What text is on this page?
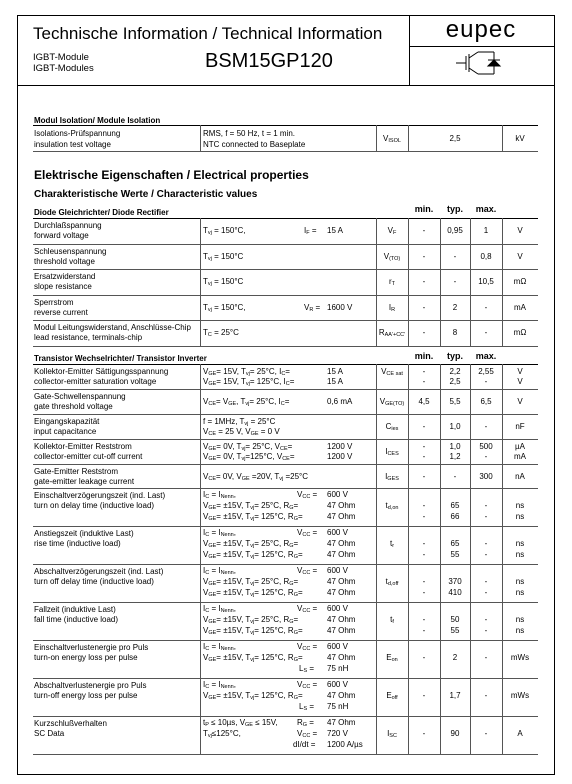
Technische Information / Technical Information
IGBT-Module
IGBT-Modules	BSM15GP120
eupec
Modul Isolation/ Module Isolation
Isolations-Prüfspannung
insulation test voltage
RMS, f = 50 Hz, t = 1 min.
NTC connected to Baseplate
$V_{ISOL}$	2,5	kV
Elektrische Eigenschaften / Electrical properties
Charakteristische Werte / Characteristic values
Diode Gleichrichter/ Diode Rectifier	min.	typ.	max.
Durchlaßspannung
forward voltage
$T_{vj} = 150^\circ C$,	$I_F = 15$ A	$V_F$	-	0,95	1	V
Schleusenspannung
threshold voltage
$T_{vj} = 150^\circ C$	$V_{(TO)}$	-	-	0,8	V
Ersatzwiderstand
slope resistance
$T_{vj} = 150^\circ C$	$r_T$	-	-	10,5	mΩ
Sperrstrom
reverse current
$T_{vj} = 150^\circ C$,	$V_R = 1600$ V	$I_R$	-	2	-	mA
Modul Leitungswiderstand, Anschlüsse-Chip
lead resistance, terminals-chip
$T_C = 25^\circ C$	$R_{AA'+CC'}$	-	8	-	mΩ
Transistor Wechselrichter/ Transistor Inverter	min.	typ.	max.
Kollektor-Emitter Sättigungsspannung
collector-emitter saturation voltage
$V_{GE}= 15V$, $T_{vj}= 25^\circ C$, $I_C=$	15 A
$V_{GE}= 15V$, $T_{vj}= 125^\circ C$, $I_C=$	15 A
$V_{CE sat}$	-	2,2	2,55	V
-	2,5	-	V
Gate-Schwellenspannung
gate threshold voltage
$V_{CE}= V_{GE}$, $T_{vj}= 25^\circ C$, $I_C=$	0,6 mA	$V_{GE(TO)}$	4,5	5,5	6,5	V
Eingangskapazität
input capacitance
f = 1MHz, $T_{vj} = 25^\circ C$
$V_{CE} = 25$ V, $V_{GE} = 0$ V
$C_{ies}$	-	1,0	-	nF
Kollektor-Emitter Reststrom
collector-emitter cut-off current
$V_{GE}= 0V$, $T_{vj}= 25^\circ C$, $V_{CE}=$	1200 V
$V_{GE}= 0V$, $T_{vj}=125^\circ C$, $V_{CE}=$	1200 V
$I_{CES}$
-	1,0	500	µA
-	1,2	-	mA
Gate-Emitter Reststrom
gate-emitter leakage current
$V_{CE}= 0V$, $V_{GE} =20V$, $T_{vj} =25^\circ C$	$I_{GES}$	-	-	300	nA
Einschaltverzögerungszeit (ind. Last)
turn on delay time (inductive load)
$I_C = I_{Nenn}$,	$V_{CC} = 600$ V
$V_{GE}= \pm 15V$, $T_{vj}= 25^\circ C$, $R_G=$	47 Ohm
$V_{GE}= \pm 15V$, $T_{vj}= 125^\circ C$, $R_G=$	47 Ohm
$t_{d,on}$	-	65	-	ns
-	66	-	ns
Anstiegszeit (induktive Last)
rise time (inductive load)
$I_C = I_{Nenn}$,	$V_{CC} = 600$ V
$V_{GE}= \pm 15V$, $T_{vj}= 25^\circ C$, $R_G=$	47 Ohm
$V_{GE}= \pm 15V$, $T_{vj}= 125^\circ C$, $R_G=$	47 Ohm
$t_r$	-	65	-	ns
-	55	-	ns
Abschaltverzögerungszeit (ind. Last)
turn off delay time (inductive load)
$I_C = I_{Nenn}$,	$V_{CC} = 600$ V
$V_{GE}= \pm 15V$, $T_{vj}= 25^\circ C$, $R_G=$	47 Ohm
$V_{GE}= \pm 15V$, $T_{vj}= 125^\circ C$, $R_G=$	47 Ohm
$t_{d,off}$	-	370	-	ns
-	410	-	ns
Fallzeit (induktive Last)
fall time (inductive load)
$I_C = I_{Nenn}$,	$V_{CC} = 600$ V
$V_{GE}= \pm 15V$, $T_{vj}= 25^\circ C$, $R_G=$	47 Ohm
$V_{GE}= \pm 15V$, $T_{vj}= 125^\circ C$, $R_G=$	47 Ohm
$t_f$	-	50	-	ns
-	55	-	ns
Einschaltverlustenergie pro Puls
turn-on energy loss per pulse
$I_C = I_{Nenn}$,	$V_{CC} = 600$ V
$V_{GE}= \pm 15V$, $T_{vj}= 125^\circ C$, $R_G=$	47 Ohm
$L_S = 75$ nH
$E_{on}$	-	2	-	mWs
Abschaltverlustenergie pro Puls
turn-off energy loss per pulse
$I_C = I_{Nenn}$,	$V_{CC} = 600$ V
$V_{GE}= \pm 15V$, $T_{vj}= 125^\circ C$, $R_G=$	47 Ohm
$L_S = 75$ nH
$E_{off}$	-	1,7	-	mWs
Kurzschlußverhalten
SC Data
$t_P \le 10\mu s$, $V_{GE} \le 15V$, $R_G = 47$ Ohm
$T_{vj}\le 125^\circ C$,	$V_{CC} = 720$ V
dI/dt = 1200 A/µs
$I_{SC}$	-	90	-	A
